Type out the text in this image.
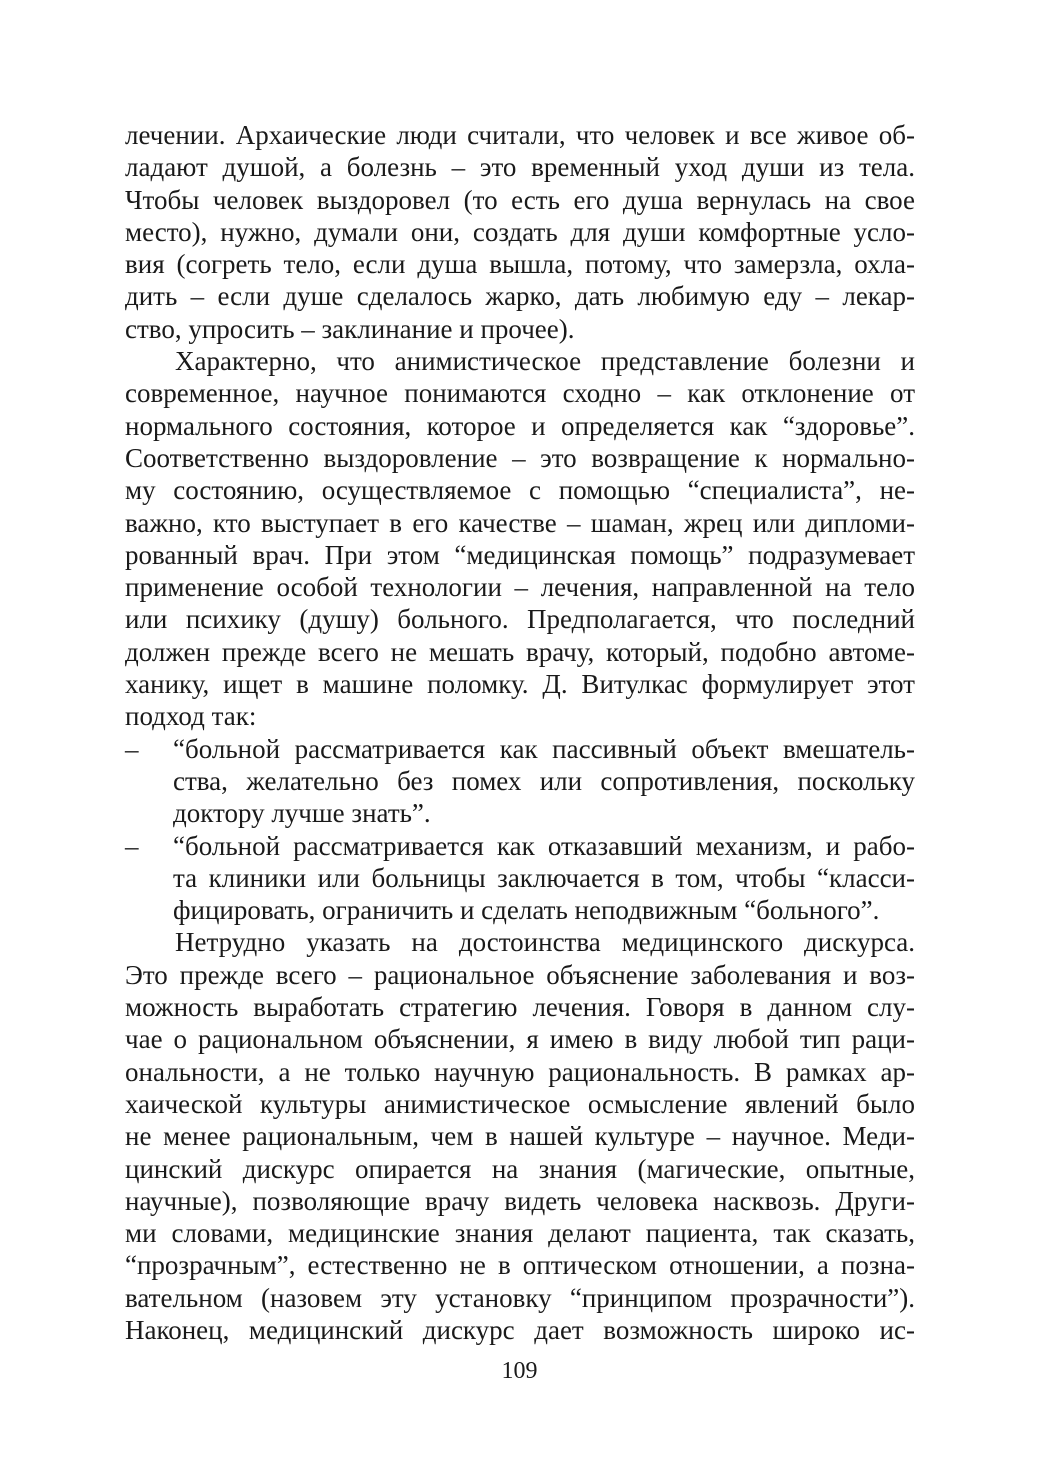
лечении. Архаические люди считали, что человек и все живое об-
ладают душой, а болезнь – это временный уход души из тела.
Чтобы человек выздоровел (то есть его душа вернулась на свое
место), нужно, думали они, создать для души комфортные усло-
вия (согреть тело, если душа вышла, потому, что замерзла, охла-
дить – если душе сделалось жарко, дать любимую еду – лекар-
ство, упросить – заклинание и прочее).
Характерно, что анимистическое представление болезни и
современное, научное понимаются сходно – как отклонение от
нормального состояния, которое и определяется как “здоровье”.
Соответственно выздоровление – это возвращение к нормально-
му состоянию, осуществляемое с помощью “специалиста”, не-
важно, кто выступает в его качестве – шаман, жрец или дипломи-
рованный врач. При этом “медицинская помощь” подразумевает
применение особой технологии – лечения, направленной на тело
или психику (душу) больного. Предполагается, что последний
должен прежде всего не мешать врачу, который, подобно автоме-
ханику, ищет в машине поломку. Д. Витулкас формулирует этот
подход так:
–	“больной рассматривается как пассивный объект вмешатель-
ства, желательно без помех или сопротивления, поскольку
доктору лучше знать”.
–	“больной рассматривается как отказавший механизм, и рабо-
та клиники или больницы заключается в том, чтобы “класси-
фицировать, ограничить и сделать неподвижным “больного”.
Нетрудно указать на достоинства медицинского дискурса.
Это прежде всего – рациональное объяснение заболевания и воз-
можность выработать стратегию лечения. Говоря в данном слу-
чае о рациональном объяснении, я имею в виду любой тип раци-
ональности, а не только научную рациональность. В рамках ар-
хаической культуры анимистическое осмысление явлений было
не менее рациональным, чем в нашей культуре – научное. Меди-
цинский дискурс опирается на знания (магические, опытные,
научные), позволяющие врачу видеть человека насквозь. Други-
ми словами, медицинские знания делают пациента, так сказать,
“прозрачным”, естественно не в оптическом отношении, а позна-
вательном (назовем эту установку “принципом прозрачности”).
Наконец, медицинский дискурс дает возможность широко ис-
109
